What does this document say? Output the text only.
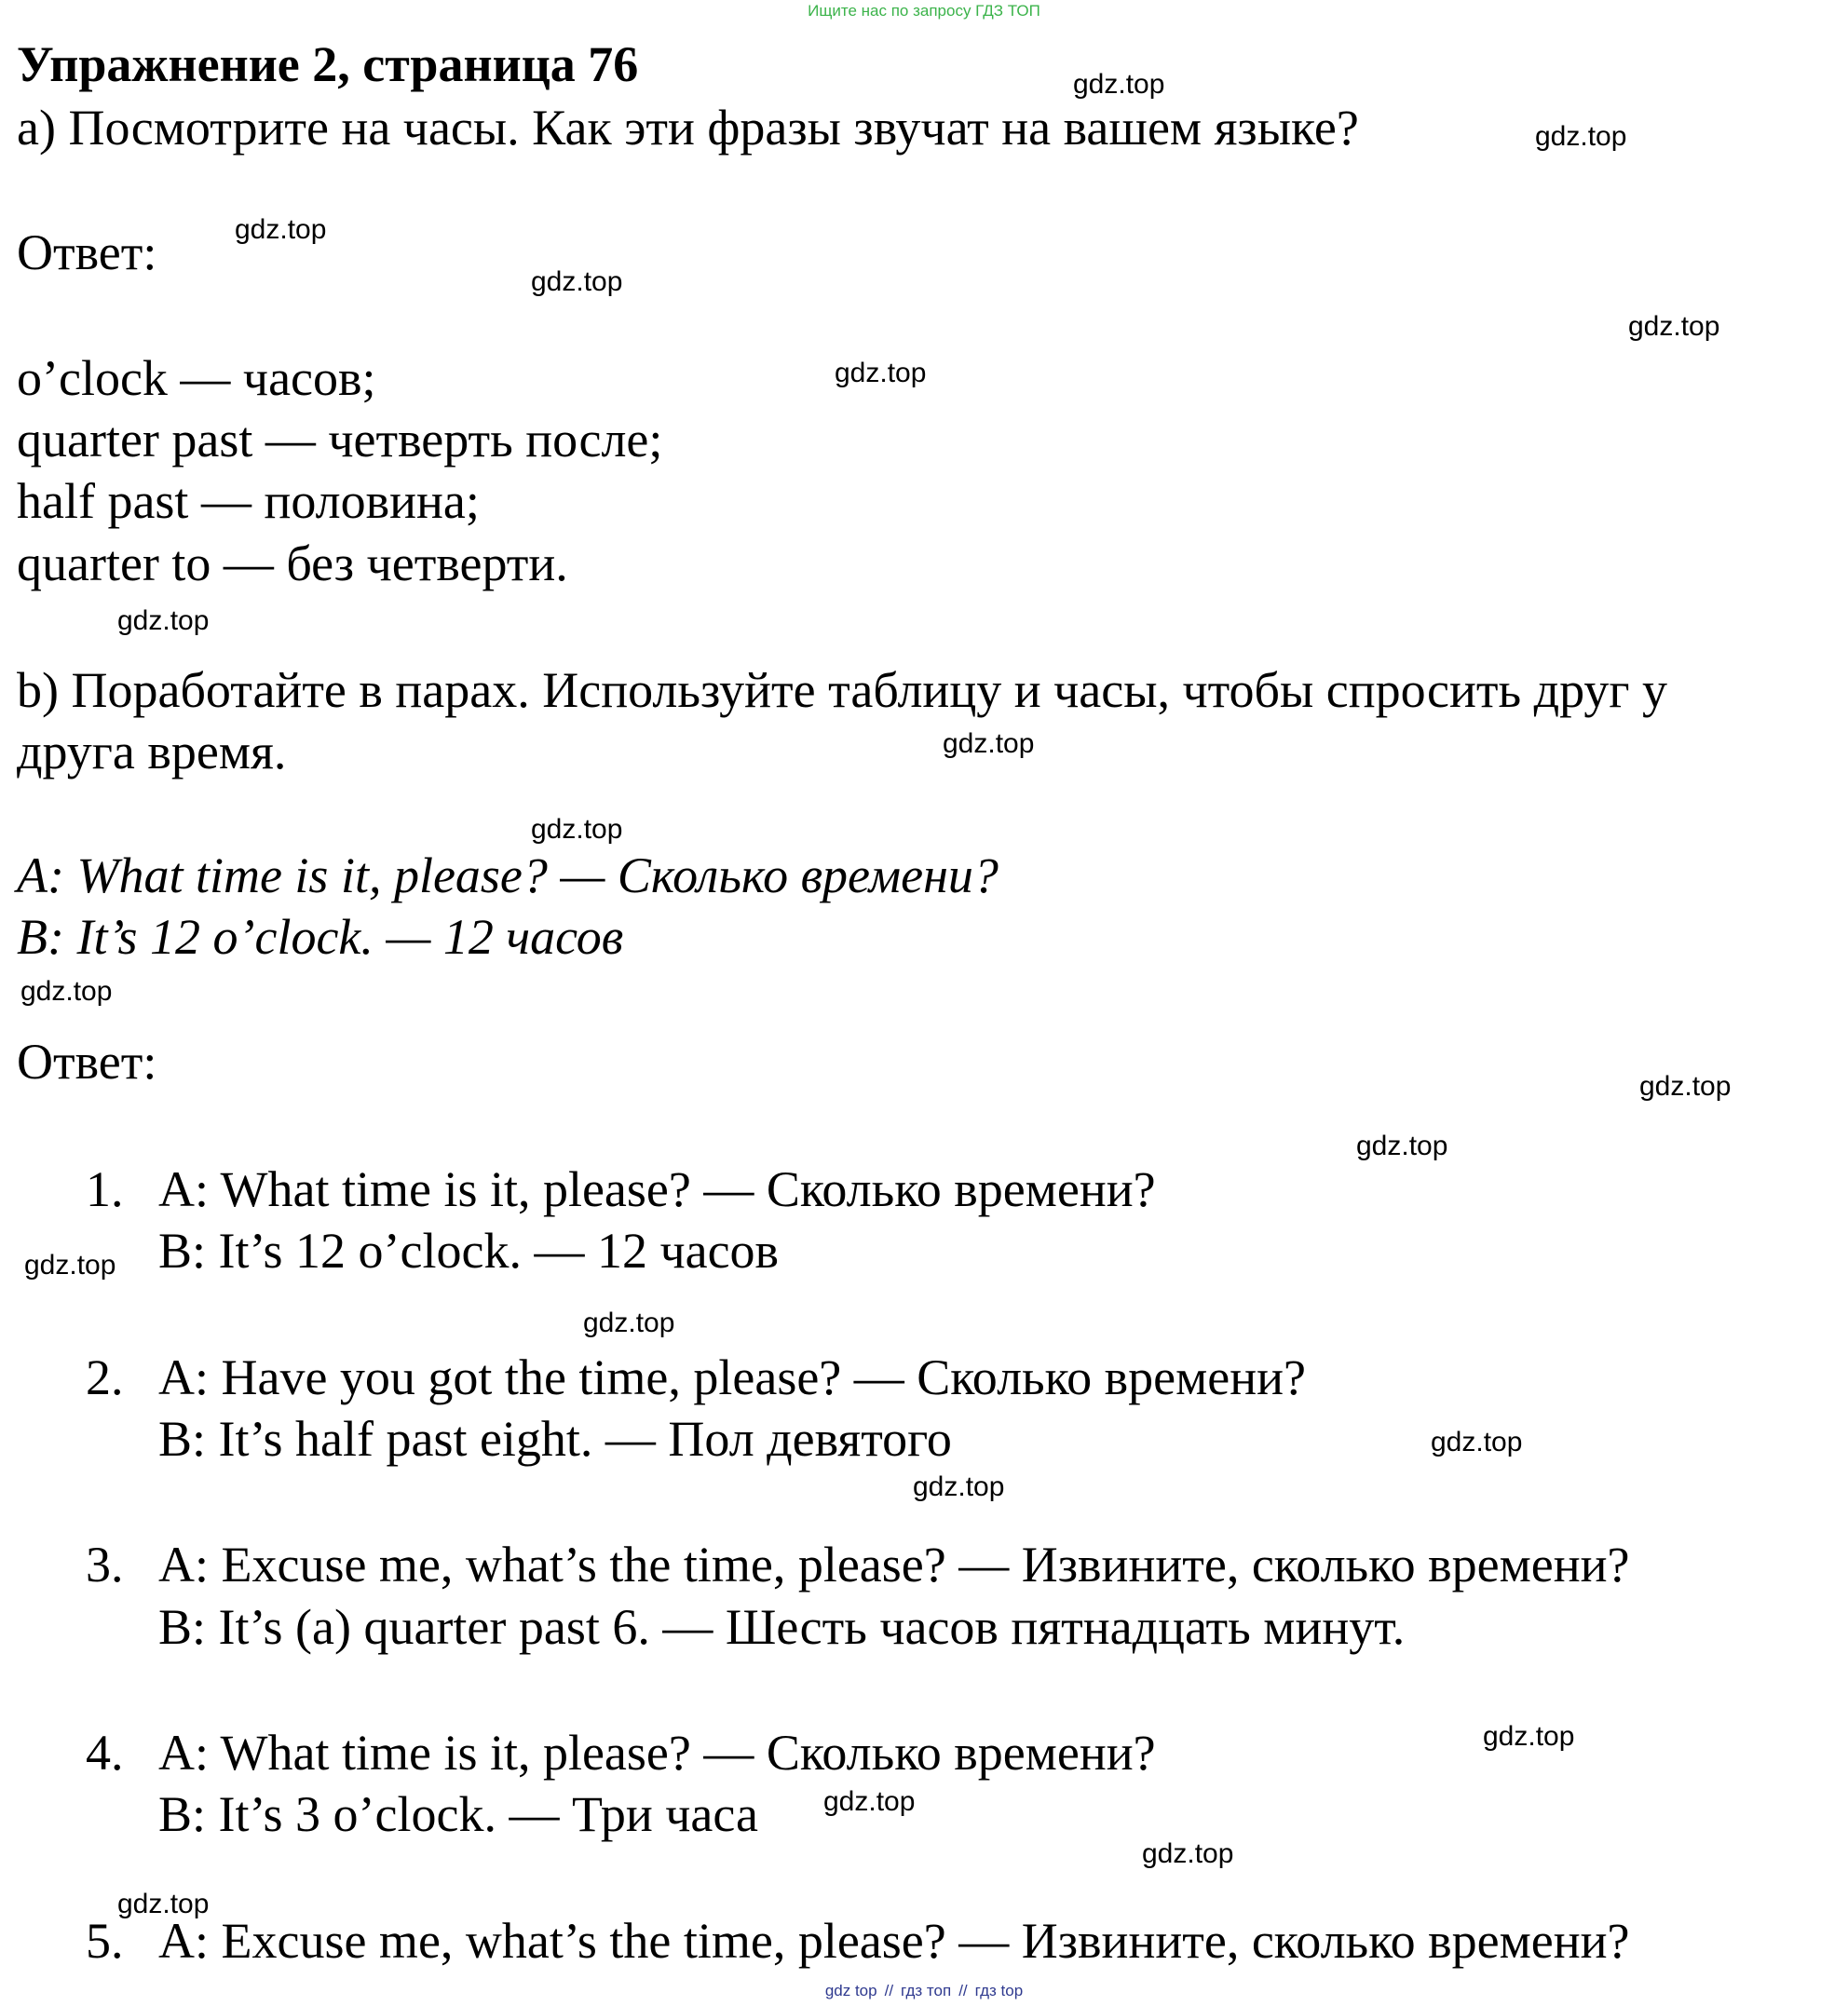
Ищите нас по запросу ГДЗ ТОП
Упражнение 2, страница 76
а) Посмотрите на часы. Как эти фразы звучат на вашем языке?
Ответ:
o’clock — часов;
quarter past — четверть после;
half past — половина;
quarter to — без четверти.
b) Поработайте в парах. Используйте таблицу и часы, чтобы спросить друг у
друга время.
A: What time is it, please? — Сколько времени?
B: It’s 12 o’clock. — 12 часов
Ответ:
1. A: What time is it, please? — Сколько времени?
B: It’s 12 o’clock. — 12 часов
2. A: Have you got the time, please? — Сколько времени?
B: It’s half past eight. — Пол девятого
3. A: Excuse me, what’s the time, please? — Извините, сколько времени?
B: It’s (a) quarter past 6. — Шесть часов пятнадцать минут.
4. A: What time is it, please? — Сколько времени?
B: It’s 3 o’clock. — Три часа
5. A: Excuse me, what’s the time, please? — Извините, сколько времени?
gdz.top
gdz.top
gdz.top
gdz.top
gdz.top
gdz.top
gdz.top
gdz.top
gdz.top
gdz.top
gdz.top
gdz.top
gdz.top
gdz.top
gdz.top
gdz.top
gdz.top
gdz.top
gdz.top
gdz.top
gdz top // гдз топ // гдз top
